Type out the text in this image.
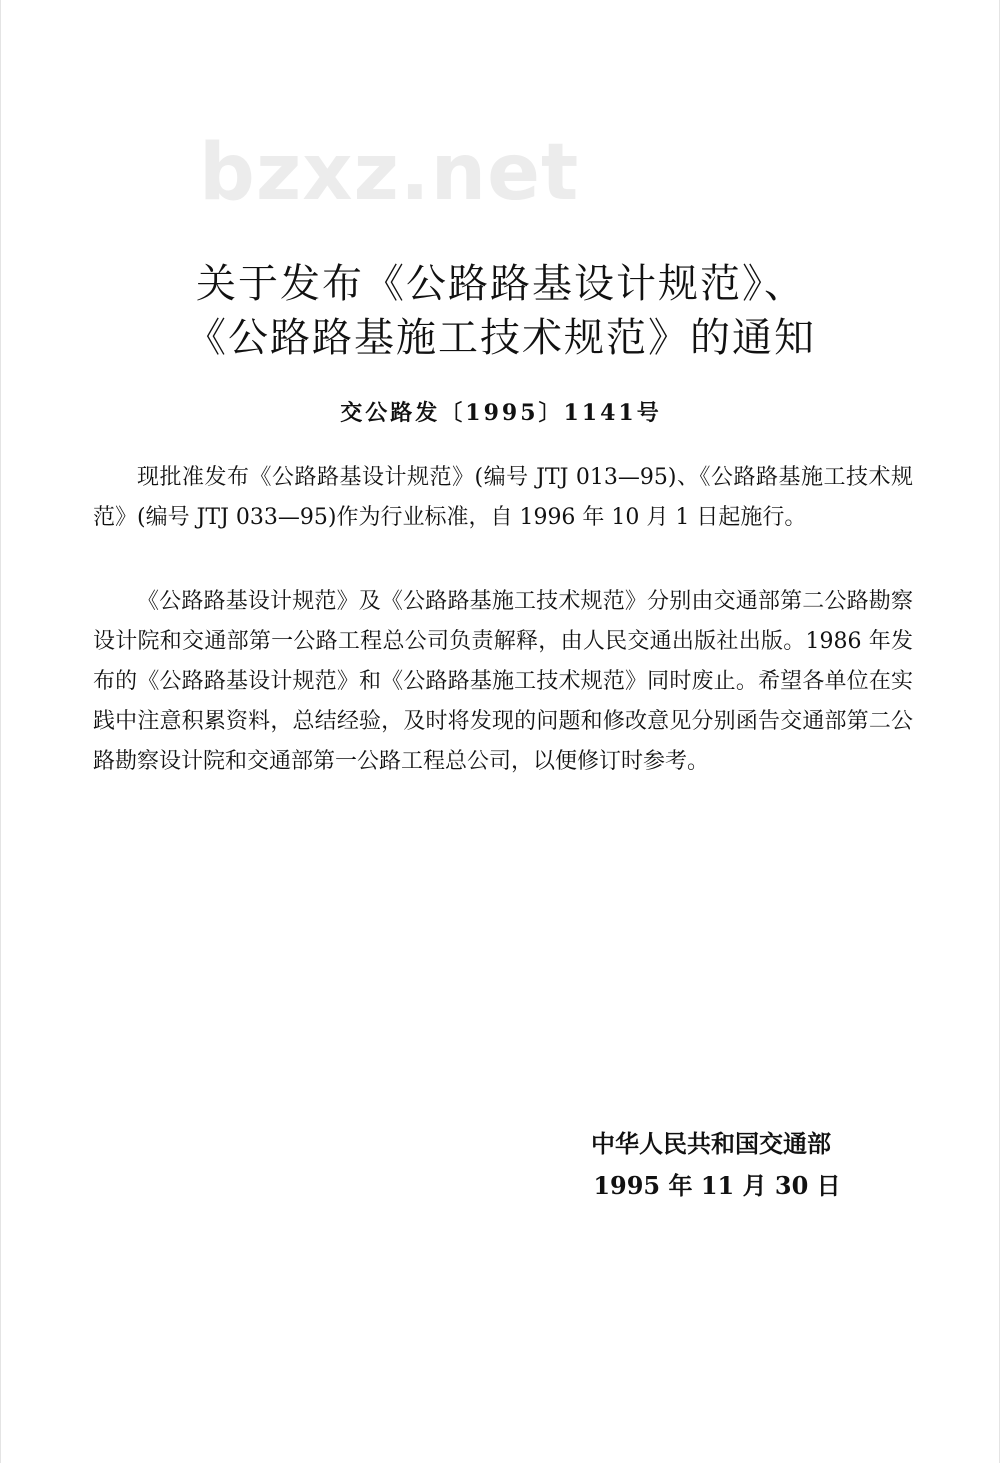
bzxz.net
关于发布《公路路基设计规范》、
《公路路基施工技术规范》的通知
交公路发〔1995〕1141号

现批准发布《公路路基设计规范》(编号 JTJ 013—95)、《公路路基施工技术规范》(编号 JTJ 033—95)作为行业标准，自 1996 年 10 月 1 日起施行。

《公路路基设计规范》及《公路路基施工技术规范》分别由交通部第二公路勘察设计院和交通部第一公路工程总公司负责解释，由人民交通出版社出版。1986 年发布的《公路路基设计规范》和《公路路基施工技术规范》同时废止。希望各单位在实践中注意积累资料，总结经验，及时将发现的问题和修改意见分别函告交通部第二公路勘察设计院和交通部第一公路工程总公司，以便修订时参考。

中华人民共和国交通部
1995 年 11 月 30 日
